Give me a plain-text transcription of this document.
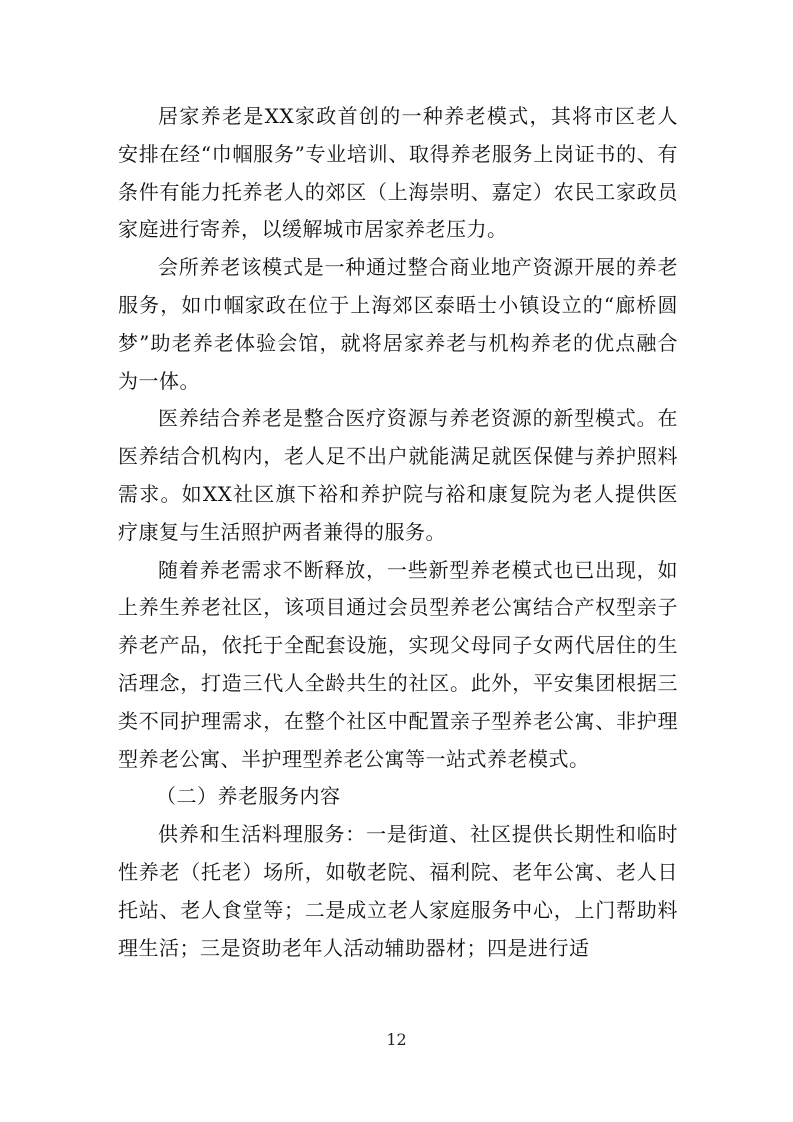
居家养老是XX家政首创的一种养老模式，其将市区老人安排在经“巾帼服务”专业培训、取得养老服务上岗证书的、有条件有能力托养老人的郊区（上海崇明、嘉定）农民工家政员家庭进行寄养，以缓解城市居家养老压力。

会所养老该模式是一种通过整合商业地产资源开展的养老服务，如巾帼家政在位于上海郊区泰晤士小镇设立的“廊桥圆梦”助老养老体验会馆，就将居家养老与机构养老的优点融合为一体。

医养结合养老是整合医疗资源与养老资源的新型模式。在医养结合机构内，老人足不出户就能满足就医保健与养护照料需求。如XX社区旗下裕和养护院与裕和康复院为老人提供医疗康复与生活照护两者兼得的服务。

随着养老需求不断释放，一些新型养老模式也已出现，如上养生养老社区，该项目通过会员型养老公寓结合产权型亲子养老产品，依托于全配套设施，实现父母同子女两代居住的生活理念，打造三代人全龄共生的社区。此外，平安集团根据三类不同护理需求，在整个社区中配置亲子型养老公寓、非护理型养老公寓、半护理型养老公寓等一站式养老模式。

（二）养老服务内容

供养和生活料理服务：一是街道、社区提供长期性和临时性养老（托老）场所，如敬老院、福利院、老年公寓、老人日托站、老人食堂等；二是成立老人家庭服务中心，上门帮助料理生活；三是资助老年人活动辅助器材；四是进行适

12
